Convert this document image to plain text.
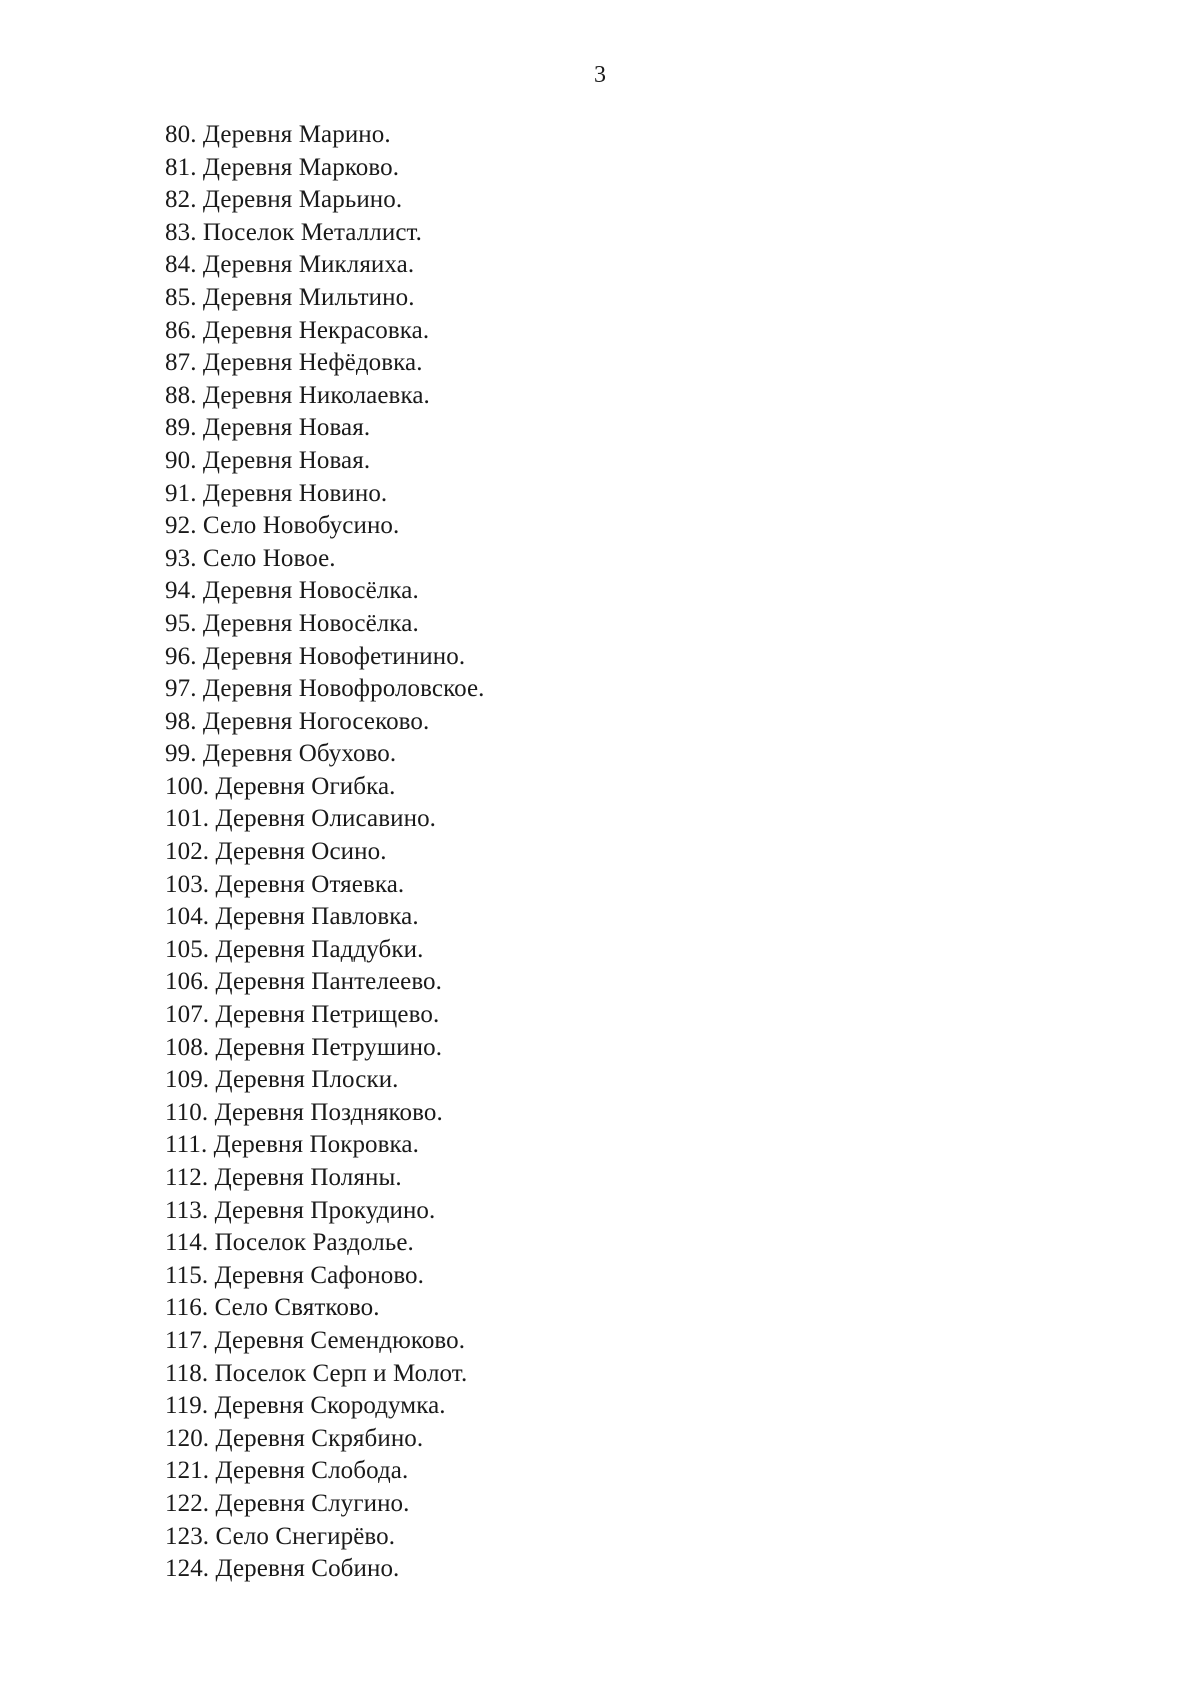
3
80. Деревня Марино.
81. Деревня Марково.
82. Деревня Марьино.
83. Поселок Металлист.
84. Деревня Микляиха.
85. Деревня Мильтино.
86. Деревня Некрасовка.
87. Деревня Нефёдовка.
88. Деревня Николаевка.
89. Деревня Новая.
90. Деревня Новая.
91. Деревня Новино.
92. Село Новобусино.
93. Село Новое.
94. Деревня Новосёлка.
95. Деревня Новосёлка.
96. Деревня Новофетинино.
97. Деревня Новофроловское.
98. Деревня Ногосеково.
99. Деревня Обухово.
100. Деревня Огибка.
101. Деревня Олисавино.
102. Деревня Осино.
103. Деревня Отяевка.
104. Деревня Павловка.
105. Деревня Паддубки.
106. Деревня Пантелеево.
107. Деревня Петрищево.
108. Деревня Петрушино.
109. Деревня Плоски.
110. Деревня Поздняково.
111. Деревня Покровка.
112. Деревня Поляны.
113. Деревня Прокудино.
114. Поселок Раздолье.
115. Деревня Сафоново.
116. Село Святково.
117. Деревня Семендюково.
118. Поселок Серп и Молот.
119. Деревня Скородумка.
120. Деревня Скрябино.
121. Деревня Слобода.
122. Деревня Слугино.
123. Село Снегирёво.
124. Деревня Собино.
